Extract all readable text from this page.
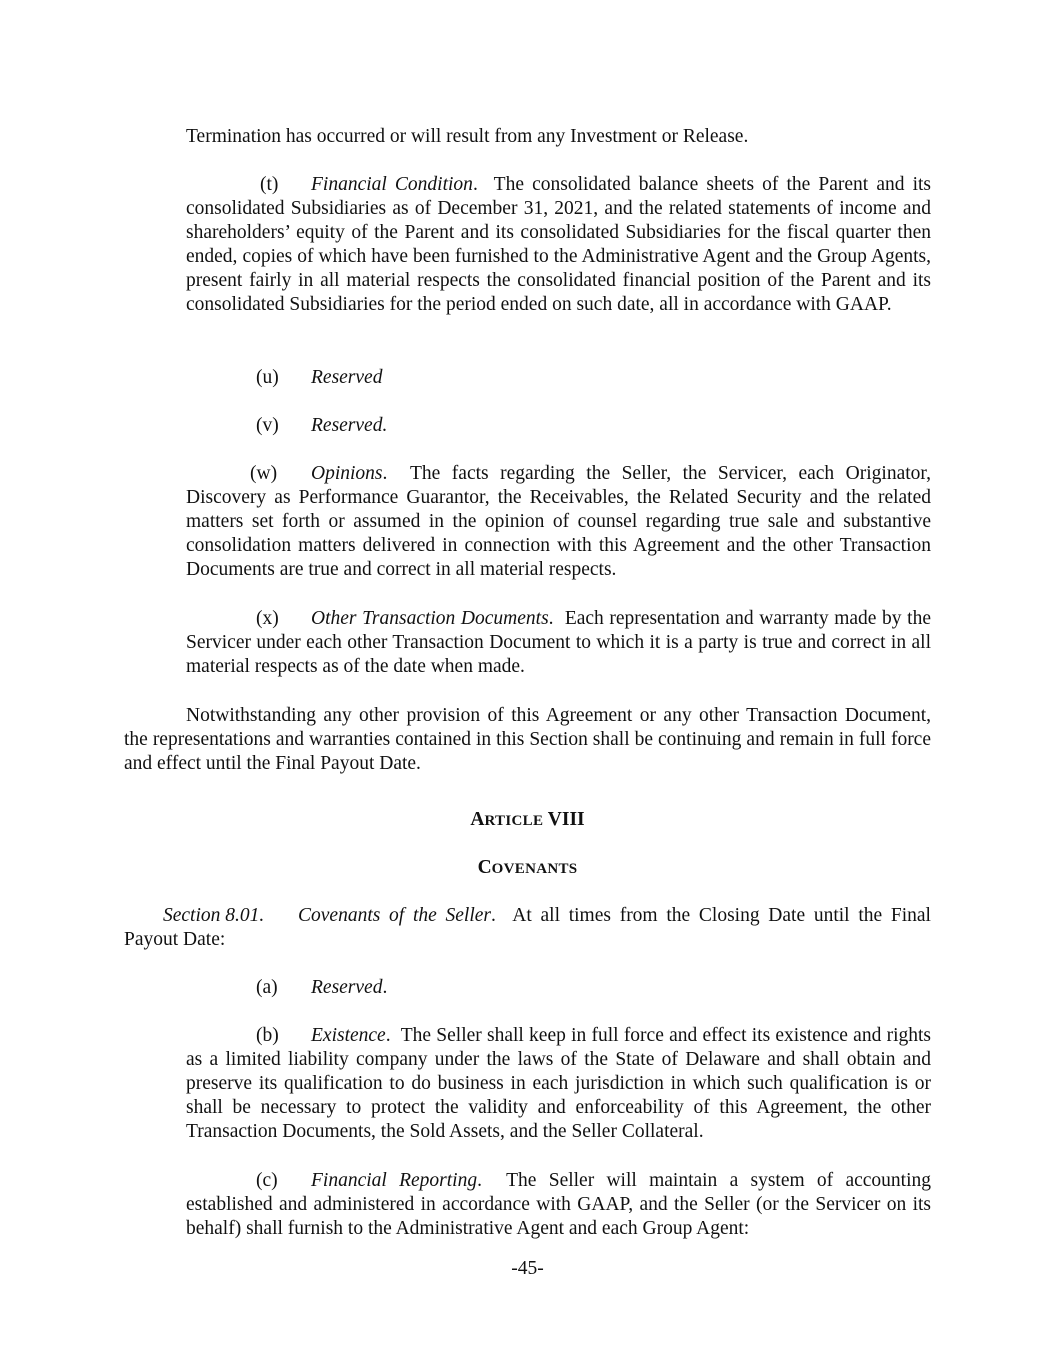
Termination has occurred or will result from any Investment or Release.

(t) Financial Condition. The consolidated balance sheets of the Parent and its consolidated Subsidiaries as of December 31, 2021, and the related statements of income and shareholders’ equity of the Parent and its consolidated Subsidiaries for the fiscal quarter then ended, copies of which have been furnished to the Administrative Agent and the Group Agents, present fairly in all material respects the consolidated financial position of the Parent and its consolidated Subsidiaries for the period ended on such date, all in accordance with GAAP.

(u) Reserved

(v) Reserved.

(w) Opinions. The facts regarding the Seller, the Servicer, each Originator, Discovery as Performance Guarantor, the Receivables, the Related Security and the related matters set forth or assumed in the opinion of counsel regarding true sale and substantive consolidation matters delivered in connection with this Agreement and the other Transaction Documents are true and correct in all material respects.

(x) Other Transaction Documents. Each representation and warranty made by the Servicer under each other Transaction Document to which it is a party is true and correct in all material respects as of the date when made.

Notwithstanding any other provision of this Agreement or any other Transaction Document, the representations and warranties contained in this Section shall be continuing and remain in full force and effect until the Final Payout Date.

ARTICLE VIII
COVENANTS

Section 8.01. Covenants of the Seller. At all times from the Closing Date until the Final Payout Date:

(a) Reserved.

(b) Existence. The Seller shall keep in full force and effect its existence and rights as a limited liability company under the laws of the State of Delaware and shall obtain and preserve its qualification to do business in each jurisdiction in which such qualification is or shall be necessary to protect the validity and enforceability of this Agreement, the other Transaction Documents, the Sold Assets, and the Seller Collateral.

(c) Financial Reporting. The Seller will maintain a system of accounting established and administered in accordance with GAAP, and the Seller (or the Servicer on its behalf) shall furnish to the Administrative Agent and each Group Agent:

-45-
